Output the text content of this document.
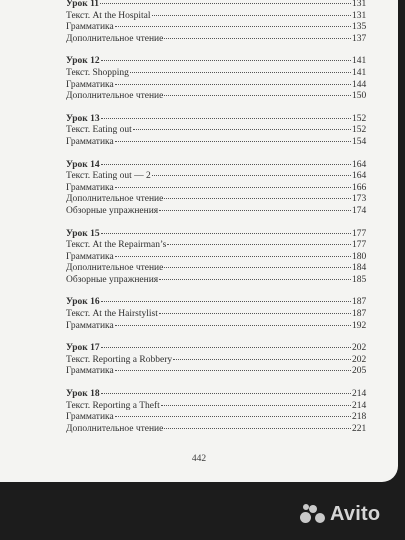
Урок 11	131
Текст. At the Hospital	131
Грамматика	135
Дополнительное чтение	137
Урок 12	141
Текст. Shopping	141
Грамматика	144
Дополнительное чтение	150
Урок 13	152
Текст. Eating out	152
Грамматика	154
Урок 14	164
Текст. Eating out — 2	164
Грамматика	166
Дополнительное чтение	173
Обзорные упражнения	174
Урок 15	177
Текст. At the Repairman’s	177
Грамматика	180
Дополнительное чтение	184
Обзорные упражнения	185
Урок 16	187
Текст. At the Hairstylist	187
Грамматика	192
Урок 17	202
Текст. Reporting a Robbery	202
Грамматика	205
Урок 18	214
Текст. Reporting a Theft	214
Грамматика	218
Дополнительное чтение	221
442
Avito
